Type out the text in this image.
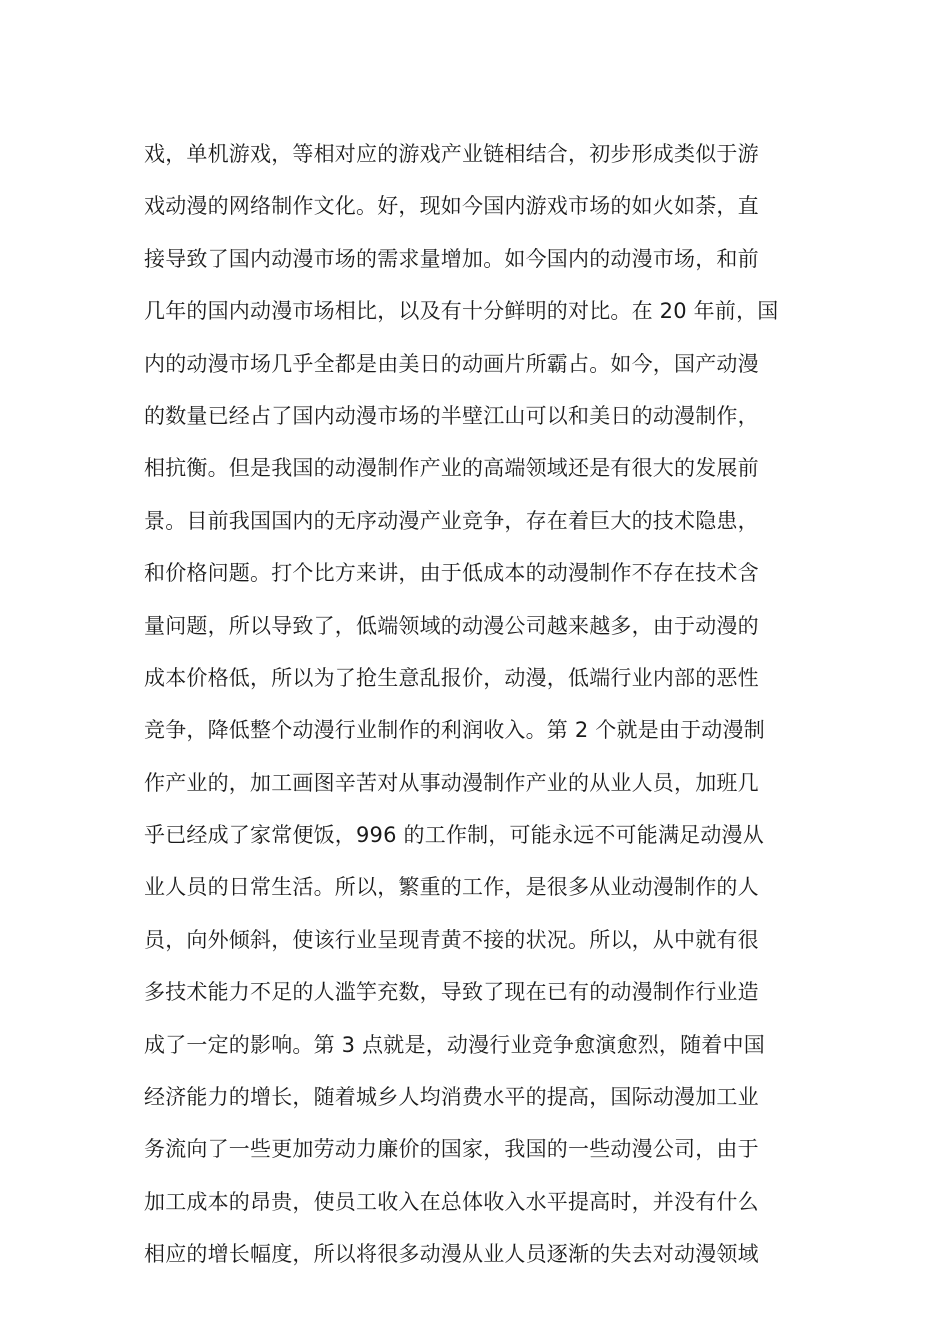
戏，单机游戏，等相对应的游戏产业链相结合，初步形成类似于游
戏动漫的网络制作文化。好，现如今国内游戏市场的如火如荼，直
接导致了国内动漫市场的需求量增加。如今国内的动漫市场，和前
几年的国内动漫市场相比，以及有十分鲜明的对比。在 20 年前，国
内的动漫市场几乎全都是由美日的动画片所霸占。如今，国产动漫
的数量已经占了国内动漫市场的半壁江山可以和美日的动漫制作，
相抗衡。但是我国的动漫制作产业的高端领域还是有很大的发展前
景。目前我国国内的无序动漫产业竞争，存在着巨大的技术隐患，
和价格问题。打个比方来讲，由于低成本的动漫制作不存在技术含
量问题，所以导致了，低端领域的动漫公司越来越多，由于动漫的
成本价格低，所以为了抢生意乱报价，动漫，低端行业内部的恶性
竞争，降低整个动漫行业制作的利润收入。第 2 个就是由于动漫制
作产业的，加工画图辛苦对从事动漫制作产业的从业人员，加班几
乎已经成了家常便饭，996 的工作制，可能永远不可能满足动漫从
业人员的日常生活。所以，繁重的工作，是很多从业动漫制作的人
员，向外倾斜，使该行业呈现青黄不接的状况。所以，从中就有很
多技术能力不足的人滥竽充数，导致了现在已有的动漫制作行业造
成了一定的影响。第 3 点就是，动漫行业竞争愈演愈烈，随着中国
经济能力的增长，随着城乡人均消费水平的提高，国际动漫加工业
务流向了一些更加劳动力廉价的国家，我国的一些动漫公司，由于
加工成本的昂贵，使员工收入在总体收入水平提高时，并没有什么
相应的增长幅度，所以将很多动漫从业人员逐渐的失去对动漫领域
